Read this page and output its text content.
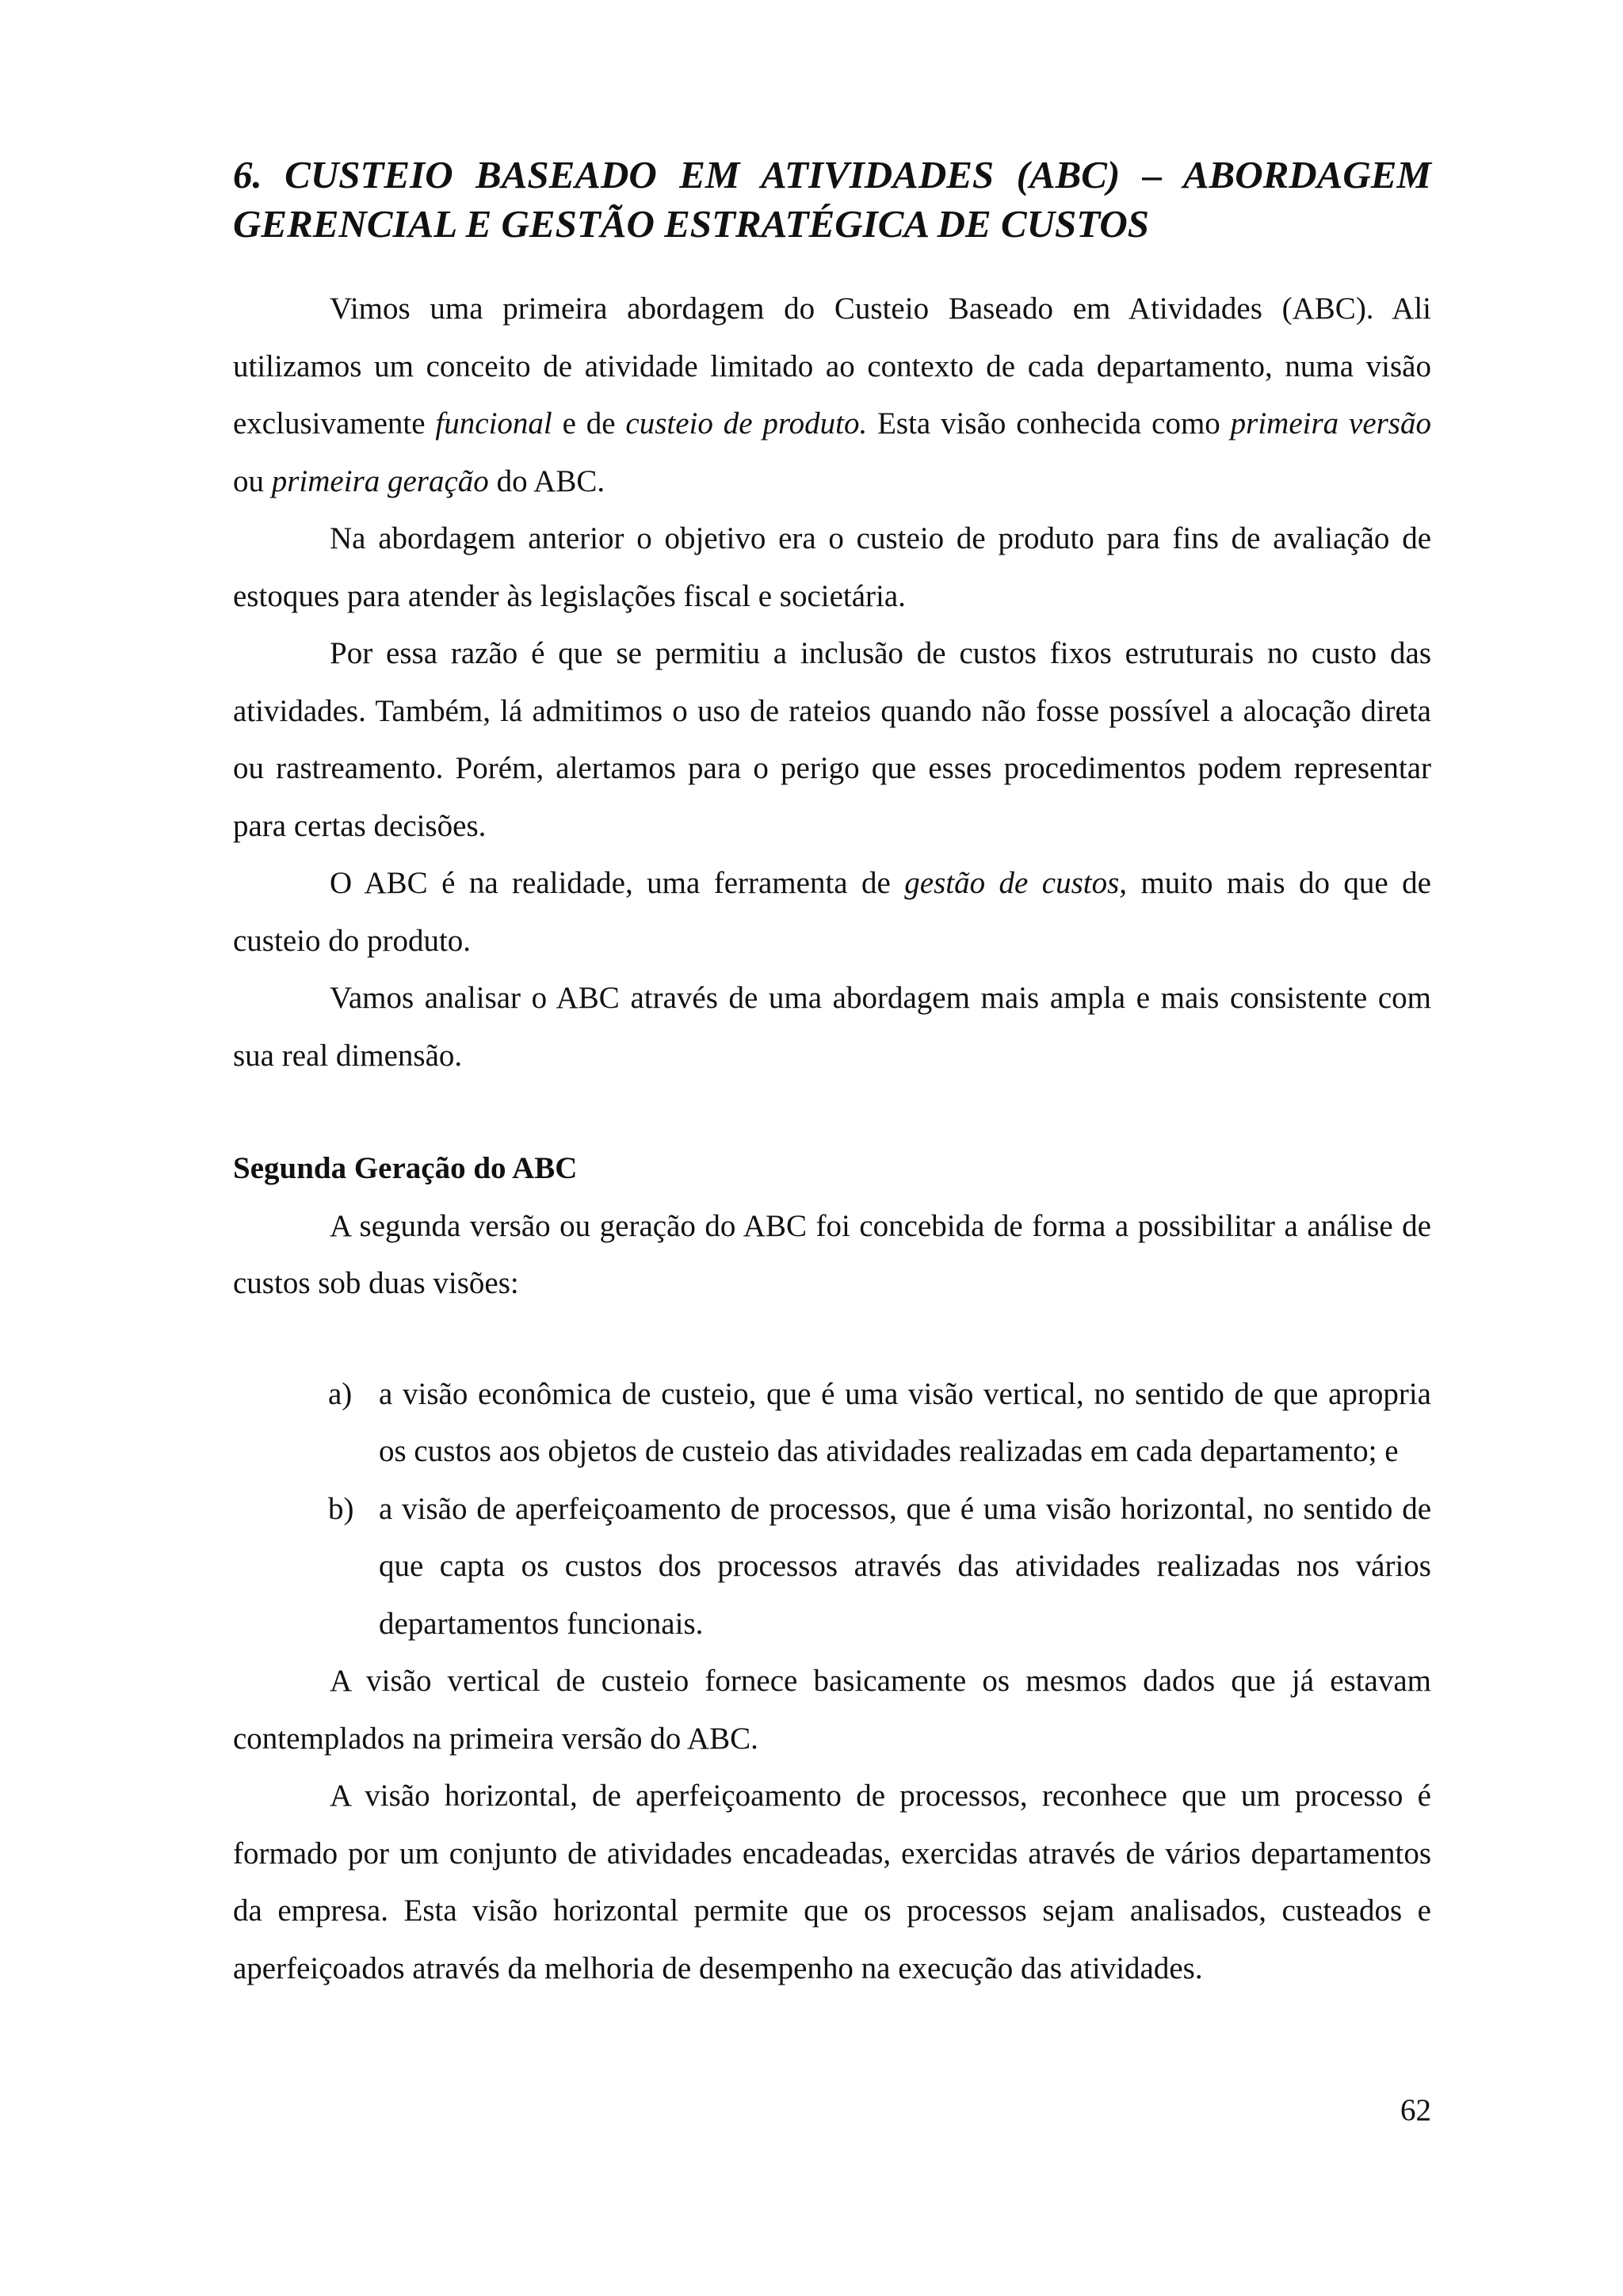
6. CUSTEIO BASEADO EM ATIVIDADES (ABC) – ABORDAGEM
GERENCIAL E GESTÃO ESTRATÉGICA DE CUSTOS

Vimos uma primeira abordagem do Custeio Baseado em Atividades (ABC). Ali utilizamos um conceito de atividade limitado ao contexto de cada departamento, numa visão exclusivamente funcional e de custeio de produto. Esta visão conhecida como primeira versão ou primeira geração do ABC.

Na abordagem anterior o objetivo era o custeio de produto para fins de avaliação de estoques para atender às legislações fiscal e societária.

Por essa razão é que se permitiu a inclusão de custos fixos estruturais no custo das atividades. Também, lá admitimos o uso de rateios quando não fosse possível a alocação direta ou rastreamento. Porém, alertamos para o perigo que esses procedimentos podem representar para certas decisões.

O ABC é na realidade, uma ferramenta de gestão de custos, muito mais do que de custeio do produto.

Vamos analisar o ABC através de uma abordagem mais ampla e mais consistente com sua real dimensão.

Segunda Geração do ABC

A segunda versão ou geração do ABC foi concebida de forma a possibilitar a análise de custos sob duas visões:

a) a visão econômica de custeio, que é uma visão vertical, no sentido de que apropria os custos aos objetos de custeio das atividades realizadas em cada departamento; e
b) a visão de aperfeiçoamento de processos, que é uma visão horizontal, no sentido de que capta os custos dos processos através das atividades realizadas nos vários departamentos funcionais.

A visão vertical de custeio fornece basicamente os mesmos dados que já estavam contemplados na primeira versão do ABC.

A visão horizontal, de aperfeiçoamento de processos, reconhece que um processo é formado por um conjunto de atividades encadeadas, exercidas através de vários departamentos da empresa. Esta visão horizontal permite que os processos sejam analisados, custeados e aperfeiçoados através da melhoria de desempenho na execução das atividades.

62
